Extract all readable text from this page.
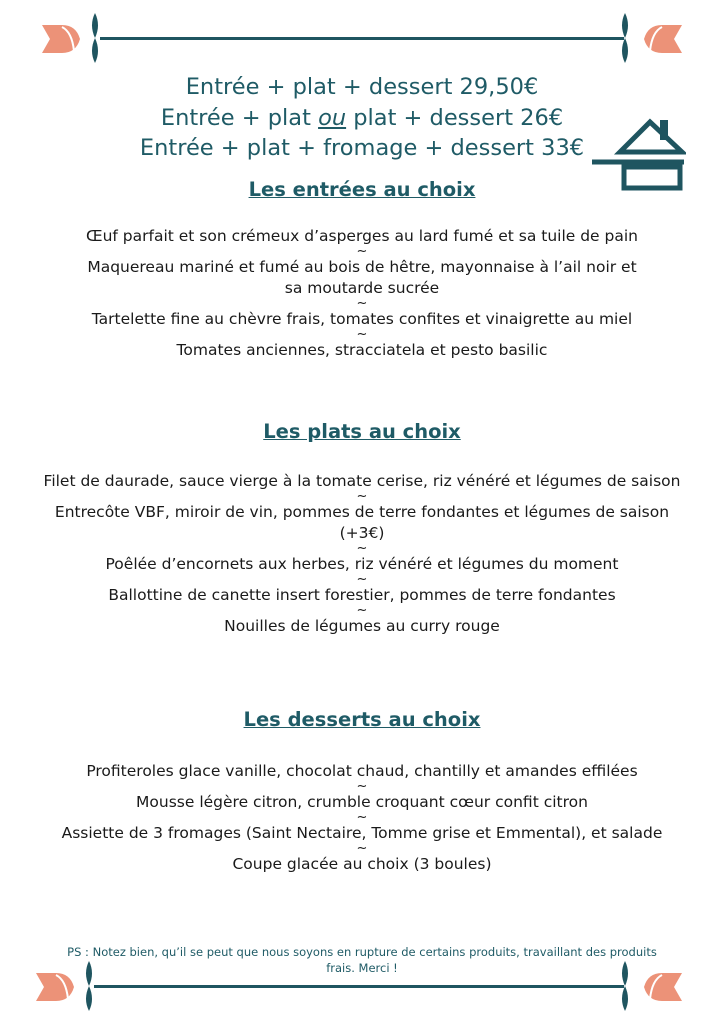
Entrée + plat + dessert 29,50€
Entrée + plat ou plat + dessert 26€
Entrée + plat + fromage + dessert 33€
Les entrées au choix
Œuf parfait et son crémeux d’asperges au lard fumé et sa tuile de pain
~
Maquereau mariné et fumé au bois de hêtre, mayonnaise à l’ail noir et
sa moutarde sucrée
~
Tartelette fine au chèvre frais, tomates confites et vinaigrette au miel
~
Tomates anciennes, stracciatela et pesto basilic
Les plats au choix
Filet de daurade, sauce vierge à la tomate cerise, riz vénéré et légumes de saison
~
Entrecôte VBF, miroir de vin, pommes de terre fondantes et légumes de saison
(+3€)
~
Poêlée d’encornets aux herbes, riz vénéré et légumes du moment
~
Ballottine de canette insert forestier, pommes de terre fondantes
~
Nouilles de légumes au curry rouge
Les desserts au choix
Profiteroles glace vanille, chocolat chaud, chantilly et amandes effilées
~
Mousse légère citron, crumble croquant cœur confit citron
~
Assiette de 3 fromages (Saint Nectaire, Tomme grise et Emmental), et salade
~
Coupe glacée au choix (3 boules)
PS : Notez bien, qu’il se peut que nous soyons en rupture de certains produits, travaillant des produits
frais. Merci !
